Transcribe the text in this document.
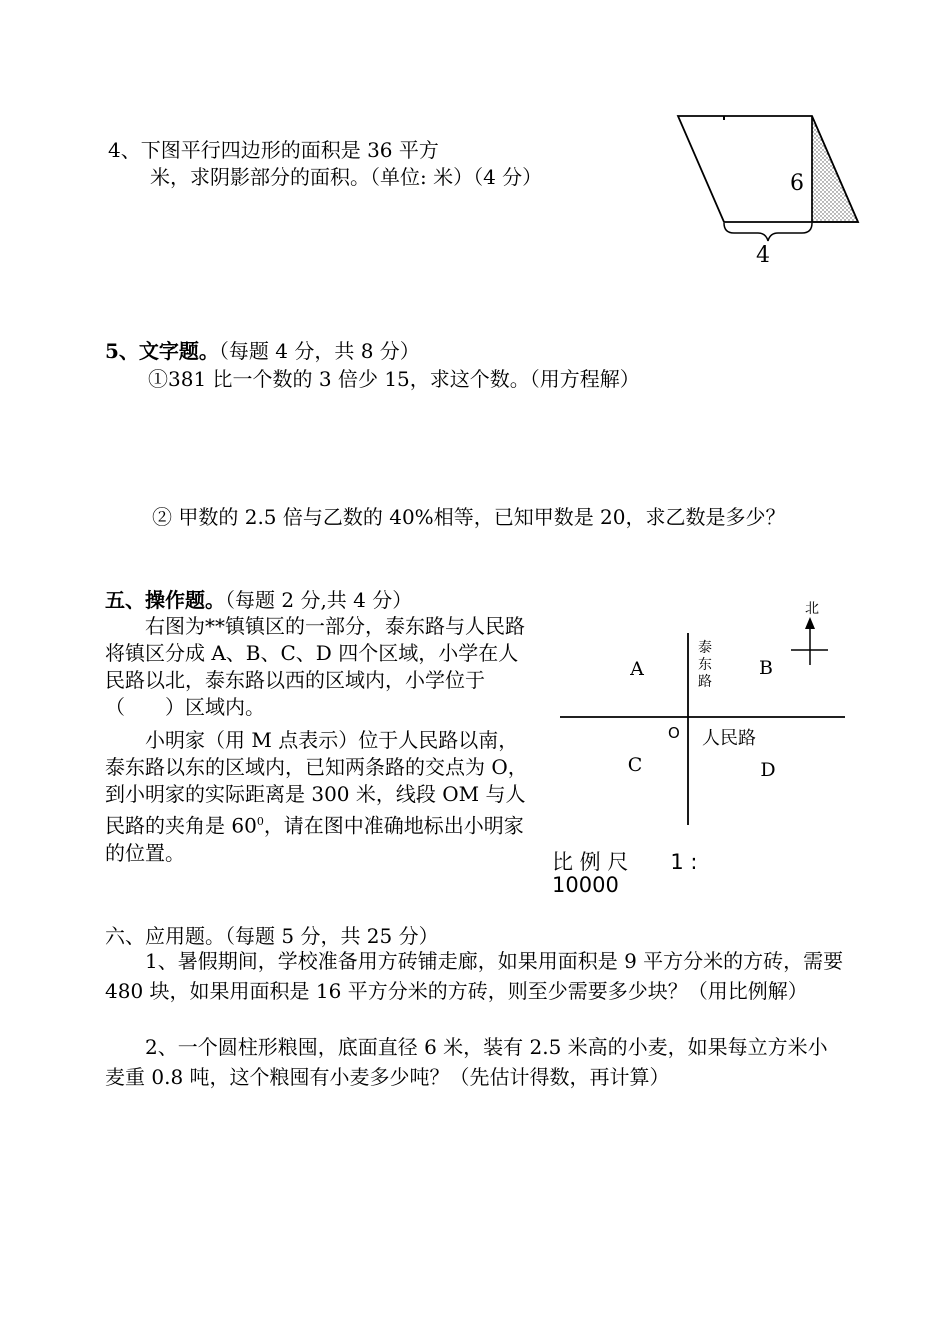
4、下图平行四边形的面积是 36 平方
米，求阴影部分的面积。（单位: 米）（4 分）	6
4
5、文字题。（每题 4 分，共 8 分）
①381 比一个数的 3 倍少 15，求这个数。（用方程解）
② 甲数的 2.5 倍与乙数的 40%相等，已知甲数是 20，求乙数是多少？
五、操作题。（每题 2 分,共 4 分）
右图为**镇镇区的一部分，泰东路与人民路将镇区分成 A、B、C、D 四个区域，小学在人民路以北，泰东路以西的区域内，小学位于（　　）区域内。
小明家（用 M 点表示）位于人民路以南，泰东路以东的区域内，已知两条路的交点为 O，到小明家的实际距离是 300 米，线段 OM 与人民路的夹角是 $60^0$，请在图中准确地标出小明家的位置。
北
泰
东
路
人民路
O
A	B
C	D
比 例 尺　　1 :
10000
六、应用题。（每题 5 分，共 25 分）
1、暑假期间，学校准备用方砖铺走廊，如果用面积是 9 平方分米的方砖，需要 480 块，如果用面积是 16 平方分米的方砖，则至少需要多少块？（用比例解）
2、一个圆柱形粮囤，底面直径 6 米，装有 2.5 米高的小麦，如果每立方米小麦重 0.8 吨，这个粮囤有小麦多少吨？（先估计得数，再计算）
